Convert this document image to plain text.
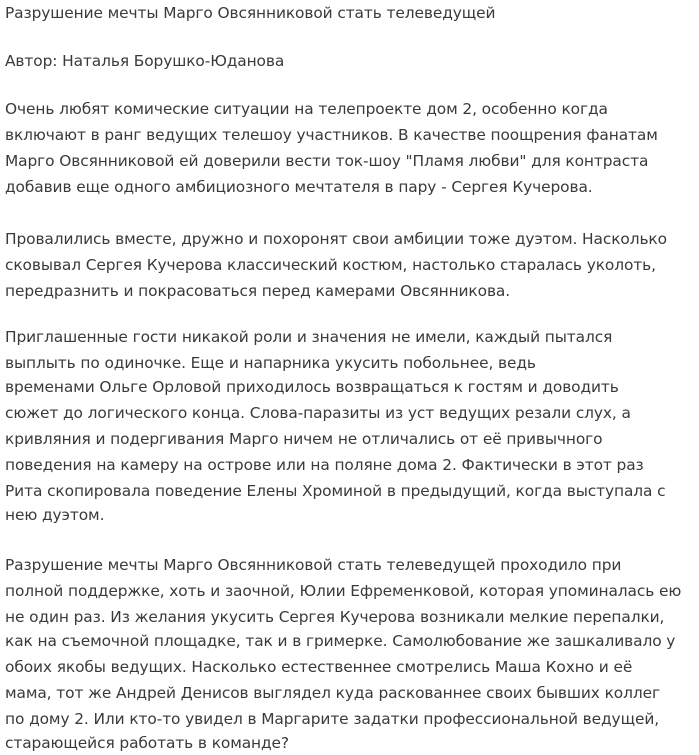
Разрушение мечты Марго Овсянниковой стать телеведущей
Автор: Наталья Борушко-Юданова
Очень любят комические ситуации на телепроекте дом 2, особенно когда
включают в ранг ведущих телешоу участников. В качестве поощрения фанатам
Марго Овсянниковой ей доверили вести ток-шоу "Пламя любви" для контраста
добавив еще одного амбициозного мечтателя в пару - Сергея Кучерова.
Провалились вместе, дружно и похоронят свои амбиции тоже дуэтом. Насколько
сковывал Сергея Кучерова классический костюм, настолько старалась уколоть,
передразнить и покрасоваться перед камерами Овсянникова.
Приглашенные гости никакой роли и значения не имели, каждый пытался
выплыть по одиночке. Еще и напарника укусить побольнее, ведь
временами Ольге Орловой приходилось возвращаться к гостям и доводить
сюжет до логического конца. Слова-паразиты из уст ведущих резали слух, а
кривляния и подергивания Марго ничем не отличались от её привычного
поведения на камеру на острове или на поляне дома 2. Фактически в этот раз
Рита скопировала поведение Елены Хроминой в предыдущий, когда выступала с
нею дуэтом.
Разрушение мечты Марго Овсянниковой стать телеведущей проходило при
полной поддержке, хоть и заочной, Юлии Ефременковой, которая упоминалась ею
не один раз. Из желания укусить Сергея Кучерова возникали мелкие перепалки,
как на съемочной площадке, так и в гримерке. Самолюбование же зашкаливало у
обоих якобы ведущих. Насколько естественнее смотрелись Маша Кохно и её
мама, тот же Андрей Денисов выглядел куда раскованнее своих бывших коллег
по дому 2. Или кто-то увидел в Маргарите задатки профессиональной ведущей,
старающейся работать в команде?
